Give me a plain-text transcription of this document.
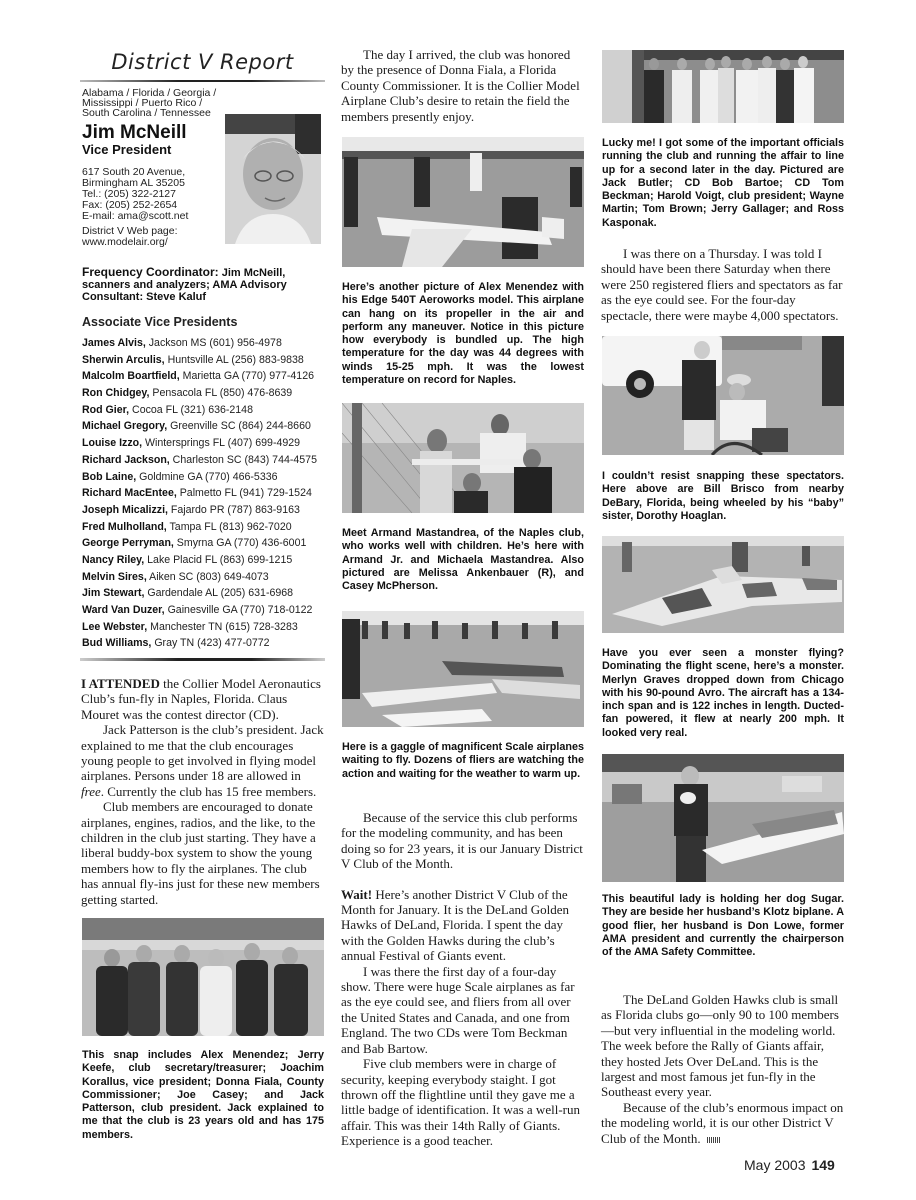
District V Report
Alabama / Florida / Georgia /
Mississippi / Puerto Rico /
South Carolina / Tennessee
Jim McNeill
Vice President
617 South 20 Avenue,
Birmingham AL 35205
Tel.: (205) 322-2127
Fax: (205) 252-2654
E-mail: ama@scott.net
District V Web page:
www.modelair.org/
Frequency Coordinator: Jim McNeill, scanners and analyzers; AMA Advisory Consultant: Steve Kaluf
Associate Vice Presidents
James Alvis, Jackson MS (601) 956-4978
Sherwin Arculis, Huntsville AL (256) 883-9838
Malcolm Boartfield, Marietta GA (770) 977-4126
Ron Chidgey, Pensacola FL (850) 476-8639
Rod Gier, Cocoa FL (321) 636-2148
Michael Gregory, Greenville SC (864) 244-8660
Louise Izzo, Wintersprings FL (407) 699-4929
Richard Jackson, Charleston SC (843) 744-4575
Bob Laine, Goldmine GA (770) 466-5336
Richard MacEntee, Palmetto FL (941) 729-1524
Joseph Micalizzi, Fajardo PR (787) 863-9163
Fred Mulholland, Tampa FL (813) 962-7020
George Perryman, Smyrna GA (770) 436-6001
Nancy Riley, Lake Placid FL (863) 699-1215
Melvin Sires, Aiken SC (803) 649-4073
Jim Stewart, Gardendale AL (205) 631-6968
Ward Van Duzer, Gainesville GA (770) 718-0122
Lee Webster, Manchester TN (615) 728-3283
Bud Williams, Gray TN (423) 477-0772

I ATTENDED the Collier Model Aeronautics Club’s fun-fly in Naples, Florida. Claus Mouret was the contest director (CD).

Jack Patterson is the club’s president. Jack explained to me that the club encourages young people to get involved in flying model airplanes. Persons under 18 are allowed in free. Currently the club has 15 free members.

Club members are encouraged to donate airplanes, engines, radios, and the like, to the children in the club just starting. They have a liberal buddy-box system to show the young members how to fly the airplanes. The club has annual fly-ins just for these new members getting started.

This snap includes Alex Menendez; Jerry Keefe, club secretary/treasurer; Joachim Korallus, vice president; Donna Fiala, County Commissioner; Joe Casey; and Jack Patterson, club president. Jack explained to me that the club is 23 years old and has 175 members.

The day I arrived, the club was honored by the presence of Donna Fiala, a Florida County Commissioner. It is the Collier Model Airplane Club’s desire to retain the field the members presently enjoy.

Here’s another picture of Alex Menendez with his Edge 540T Aeroworks model. This airplane can hang on its propeller in the air and perform any maneuver. Notice in this picture how everybody is bundled up. The high temperature for the day was 44 degrees with winds 15-25 mph. It was the lowest temperature on record for Naples.
Meet Armand Mastandrea, of the Naples club, who works well with children. He’s here with Armand Jr. and Michaela Mastandrea. Also pictured are Melissa Ankenbauer (R), and Casey McPherson.
Here is a gaggle of magnificent Scale airplanes waiting to fly. Dozens of fliers are watching the action and waiting for the weather to warm up.

Because of the service this club performs for the modeling community, and has been doing so for 23 years, it is our January District V Club of the Month.

Wait! Here’s another District V Club of the Month for January. It is the DeLand Golden Hawks of DeLand, Florida. I spent the day with the Golden Hawks during the club’s annual Festival of Giants event.

I was there the first day of a four-day show. There were huge Scale airplanes as far as the eye could see, and fliers from all over the United States and Canada, and one from England. The two CDs were Tom Beckman and Bab Bartow.

Five club members were in charge of security, keeping everybody staight. I got thrown off the flightline until they gave me a little badge of identification. It was a well-run affair. This was their 14th Rally of Giants. Experience is a good teacher.

Lucky me! I got some of the important officials running the club and running the affair to line up for a second later in the day. Pictured are Jack Butler; CD Bob Bartoe; CD Tom Beckman; Harold Voigt, club president; Wayne Martin; Tom Brown; Jerry Gallager; and Ross Kasponak.

I was there on a Thursday. I was told I should have been there Saturday when there were 250 registered fliers and spectators as far as the eye could see. For the four-day spectacle, there were maybe 4,000 spectators.

I couldn’t resist snapping these spectators. Here above are Bill Brisco from nearby DeBary, Florida, being wheeled by his “baby” sister, Dorothy Hoaglan.
Have you ever seen a monster flying? Dominating the flight scene, here’s a monster. Merlyn Graves dropped down from Chicago with his 90-pound Avro. The aircraft has a 134-inch span and is 122 inches in length. Ducted-fan powered, it flew at nearly 200 mph. It looked very real.
This beautiful lady is holding her dog Sugar. They are beside her husband’s Klotz biplane. A good flier, her husband is Don Lowe, former AMA president and currently the chairperson of the AMA Safety Committee.

The DeLand Golden Hawks club is small as Florida clubs go—only 90 to 100 members—but very influential in the modeling world. The week before the Rally of Giants affair, they hosted Jets Over DeLand. This is the largest and most famous jet fun-fly in the Southeast every year.

Because of the club’s enormous impact on the modeling world, it is our other District V Club of the Month.

May 2003 149
